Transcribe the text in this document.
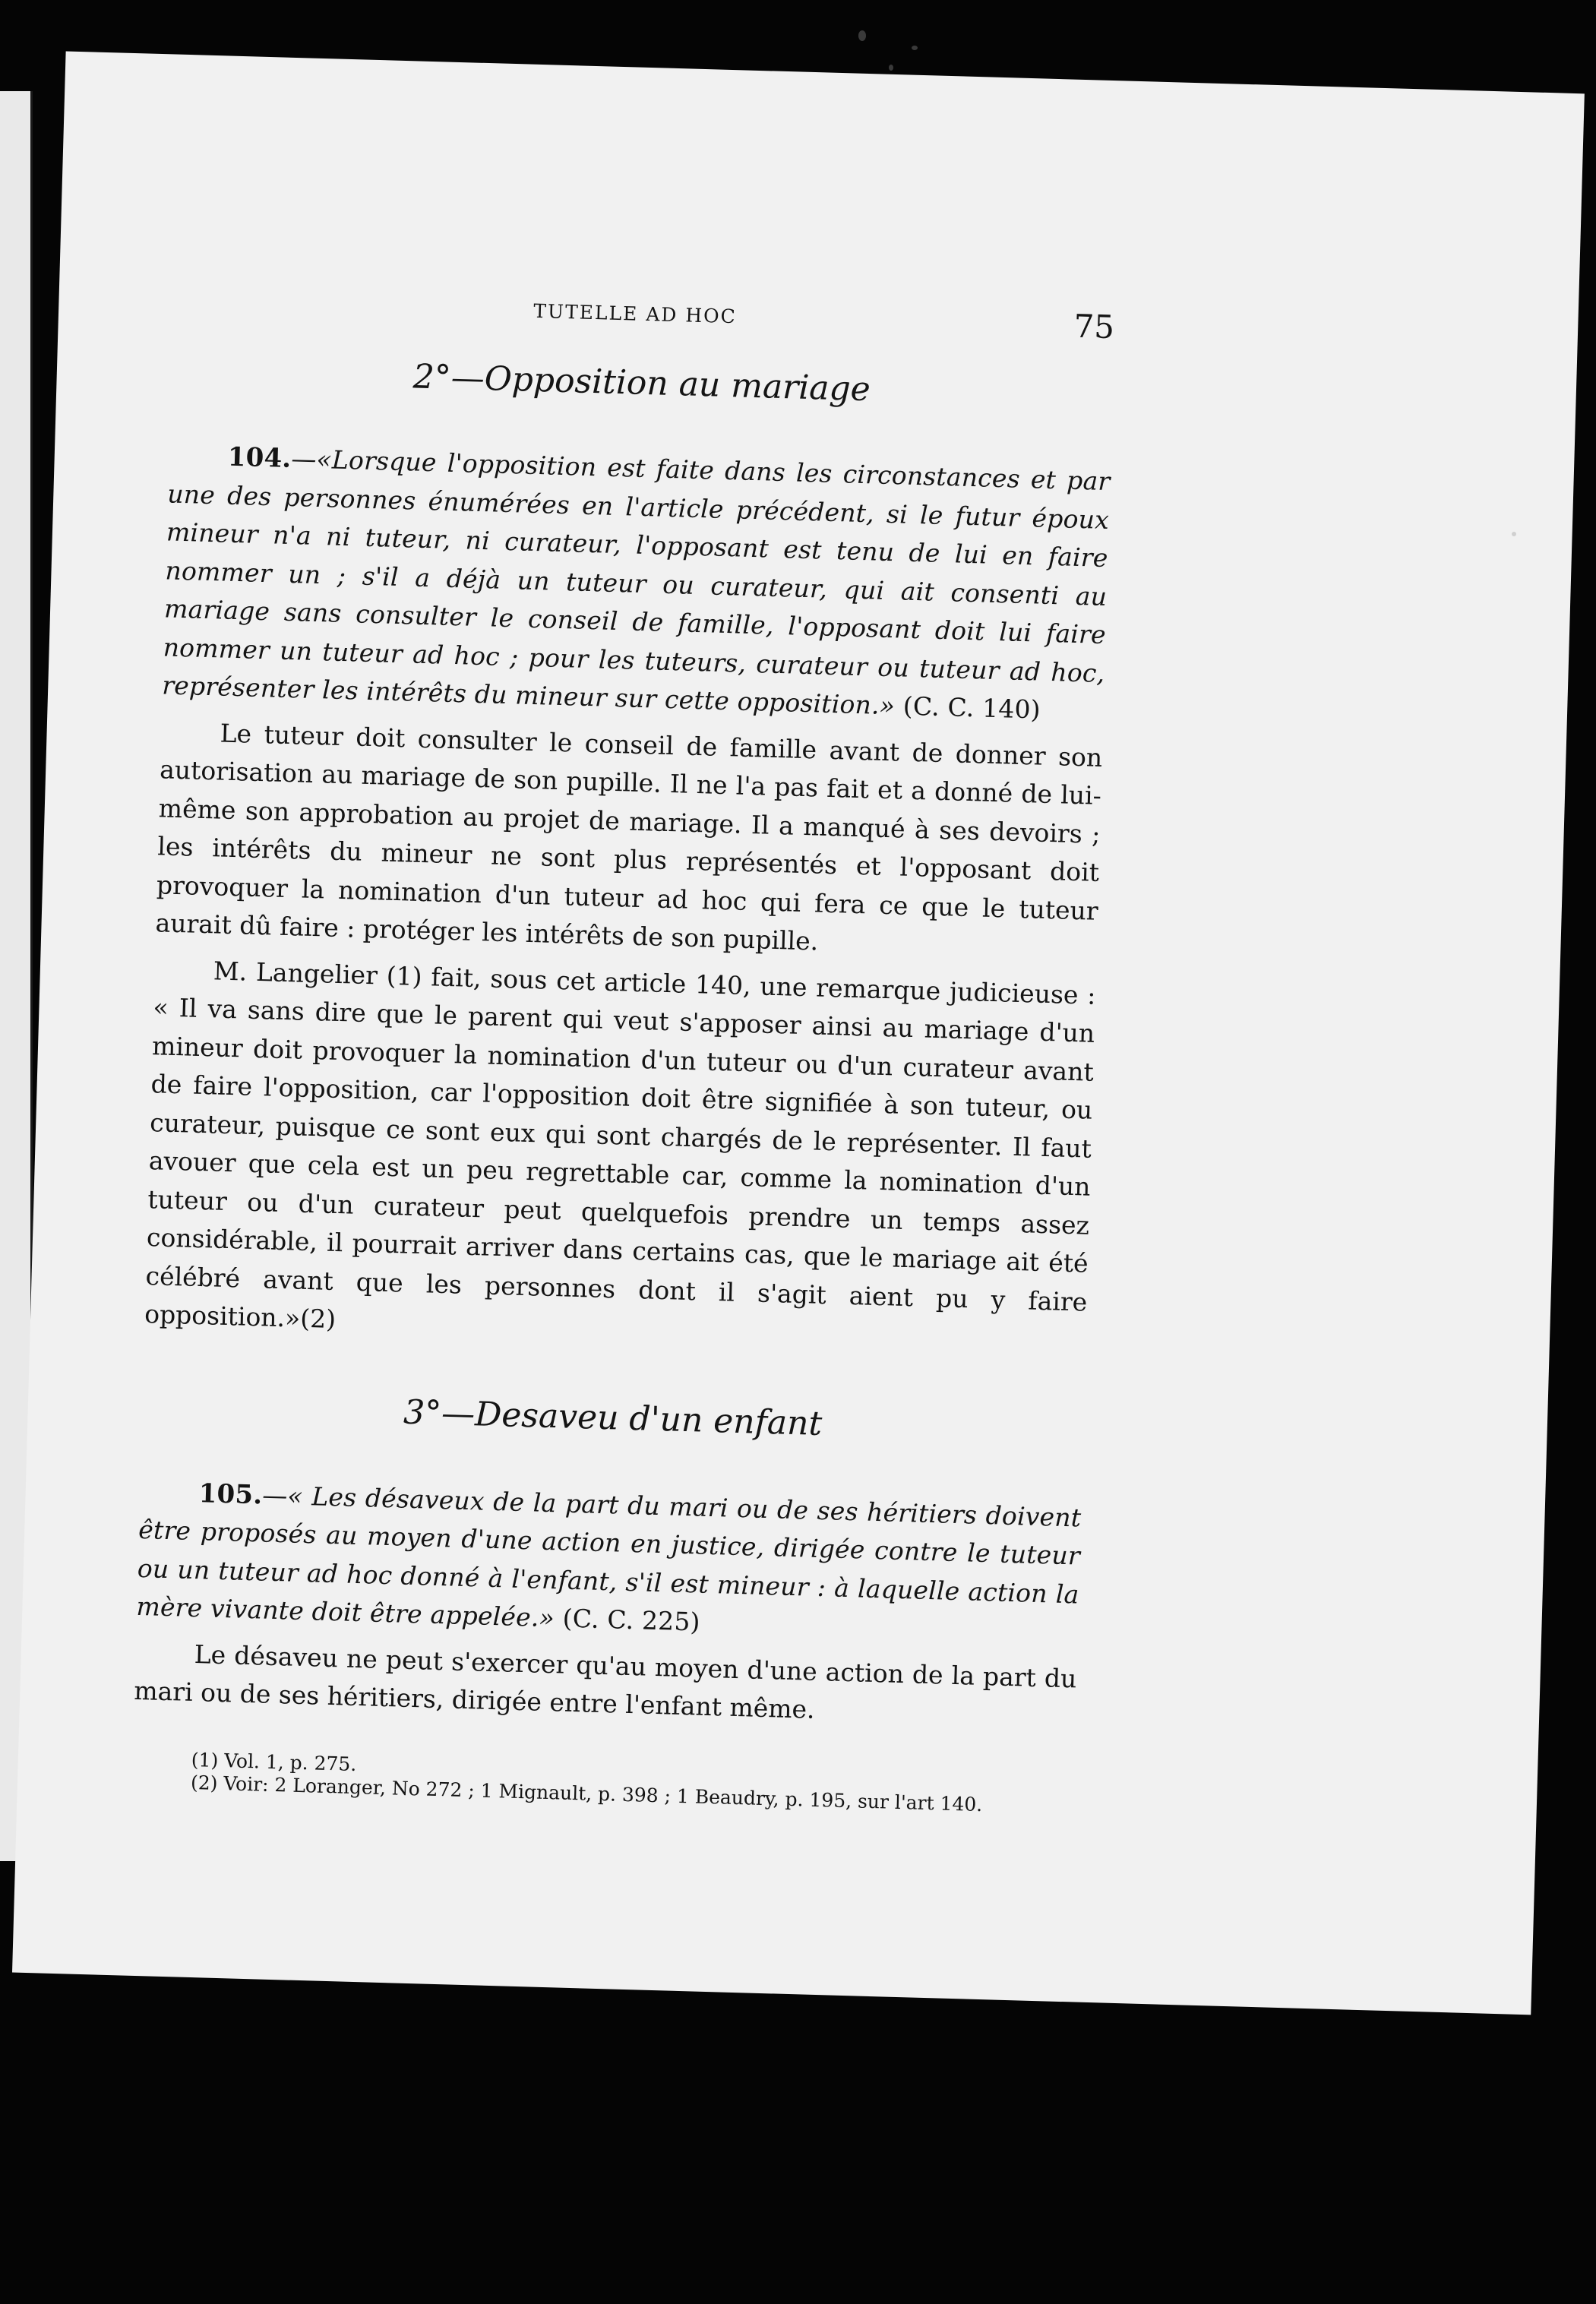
TUTELLE AD HOC	75
2°—Opposition au mariage

104.—«Lorsque l'opposition est faite dans les circonstances et par une des personnes énumérées en l'article précédent, si le futur époux mineur n'a ni tuteur, ni curateur, l'opposant est tenu de lui en faire nommer un ; s'il a déjà un tuteur ou curateur, qui ait consenti au mariage sans consulter le conseil de famille, l'opposant doit lui faire nommer un tuteur ad hoc ; pour les tuteurs, curateur ou tuteur ad hoc, représenter les intérêts du mineur sur cette opposition.» (C. C. 140)

Le tuteur doit consulter le conseil de famille avant de donner son autorisation au mariage de son pupille. Il ne l'a pas fait et a donné de lui-même son approbation au projet de mariage. Il a manqué à ses devoirs ; les intérêts du mineur ne sont plus représentés et l'opposant doit provoquer la nomination d'un tuteur ad hoc qui fera ce que le tuteur aurait dû faire : protéger les intérêts de son pupille.

M. Langelier (1) fait, sous cet article 140, une remarque judicieuse : « Il va sans dire que le parent qui veut s'apposer ainsi au mariage d'un mineur doit provoquer la nomination d'un tuteur ou d'un curateur avant de faire l'opposition, car l'opposition doit être signifiée à son tuteur, ou curateur, puisque ce sont eux qui sont chargés de le représenter. Il faut avouer que cela est un peu regrettable car, comme la nomination d'un tuteur ou d'un curateur peut quelquefois prendre un temps assez considérable, il pourrait arriver dans certains cas, que le mariage ait été célébré avant que les personnes dont il s'agit aient pu y faire opposition.»(2)

3°—Desaveu d'un enfant

105.—« Les désaveux de la part du mari ou de ses héritiers doivent être proposés au moyen d'une action en justice, dirigée contre le tuteur ou un tuteur ad hoc donné à l'enfant, s'il est mineur : à laquelle action la mère vivante doit être appelée.» (C. C. 225)

Le désaveu ne peut s'exercer qu'au moyen d'une action de la part du mari ou de ses héritiers, dirigée entre l'enfant même.

(1) Vol. 1, p. 275.
(2) Voir: 2 Loranger, No 272 ; 1 Mignault, p. 398 ; 1 Beaudry, p. 195, sur l'art 140.
